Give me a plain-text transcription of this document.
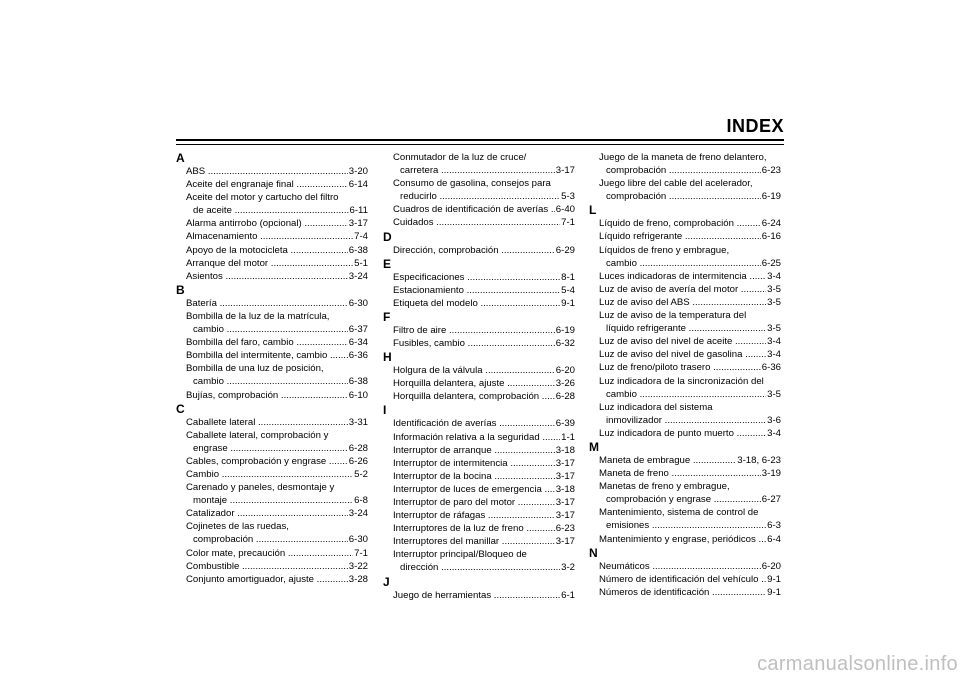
INDEX
A
ABS .....	3-20
Aceite del engranaje final .....	6-14
Aceite del motor y cartucho del filtro
de aceite .....	6-11
Alarma antirrobo (opcional) .....	3-17
Almacenamiento .....	7-4
Apoyo de la motocicleta .....	6-38
Arranque del motor .....	5-1
Asientos .....	3-24
B
Batería .....	6-30
Bombilla de la luz de la matrícula,
cambio .....	6-37
Bombilla del faro, cambio .....	6-34
Bombilla del intermitente, cambio .....	6-36
Bombilla de una luz de posición,
cambio .....	6-38
Bujías, comprobación .....	6-10
C
Caballete lateral .....	3-31
Caballete lateral, comprobación y
engrase .....	6-28
Cables, comprobación y engrase .....	6-26
Cambio .....	5-2
Carenado y paneles, desmontaje y
montaje .....	6-8
Catalizador .....	3-24
Cojinetes de las ruedas,
comprobación .....	6-30
Color mate, precaución .....	7-1
Combustible .....	3-22
Conjunto amortiguador, ajuste .....	3-28
Conmutador de la luz de cruce/
carretera .....	3-17
Consumo de gasolina, consejos para
reducirlo .....	5-3
Cuadros de identificación de averías ..... 6-40
Cuidados .....	7-1
D
Dirección, comprobación .....	6-29
E
Especificaciones .....	8-1
Estacionamiento .....	5-4
Etiqueta del modelo .....	9-1
F
Filtro de aire .....	6-19
Fusibles, cambio .....	6-32
H
Holgura de la válvula .....	6-20
Horquilla delantera, ajuste .....	3-26
Horquilla delantera, comprobación .....	6-28
I
Identificación de averías .....	6-39
Información relativa a la seguridad .....	1-1
Interruptor de arranque .....	3-18
Interruptor de intermitencia .....	3-17
Interruptor de la bocina .....	3-17
Interruptor de luces de emergencia .....	3-18
Interruptor de paro del motor .....	3-17
Interruptor de ráfagas .....	3-17
Interruptores de la luz de freno .....	6-23
Interruptores del manillar .....	3-17
Interruptor principal/Bloqueo de
dirección .....	3-2
J
Juego de herramientas .....	6-1
Juego de la maneta de freno delantero,
comprobación .....	6-23
Juego libre del cable del acelerador,
comprobación .....	6-19
L
Líquido de freno, comprobación .....	6-24
Líquido refrigerante .....	6-16
Líquidos de freno y embrague,
cambio .....	6-25
Luces indicadoras de intermitencia .....	3-4
Luz de aviso de avería del motor .....	3-5
Luz de aviso del ABS .....	3-5
Luz de aviso de la temperatura del
líquido refrigerante .....	3-5
Luz de aviso del nivel de aceite .....	3-4
Luz de aviso del nivel de gasolina .....	3-4
Luz de freno/piloto trasero .....	6-36
Luz indicadora de la sincronización del
cambio .....	3-5
Luz indicadora del sistema
inmovilizador .....	3-6
Luz indicadora de punto muerto .....	3-4
M
Maneta de embrague .....	3-18, 6-23
Maneta de freno .....	3-19
Manetas de freno y embrague,
comprobación y engrase .....	6-27
Mantenimiento, sistema de control de
emisiones .....	6-3
Mantenimiento y engrase, periódicos .....	6-4
N
Neumáticos .....	6-20
Número de identificación del vehículo ..... 9-1
Números de identificación .....	9-1
carmanualsonline.info
